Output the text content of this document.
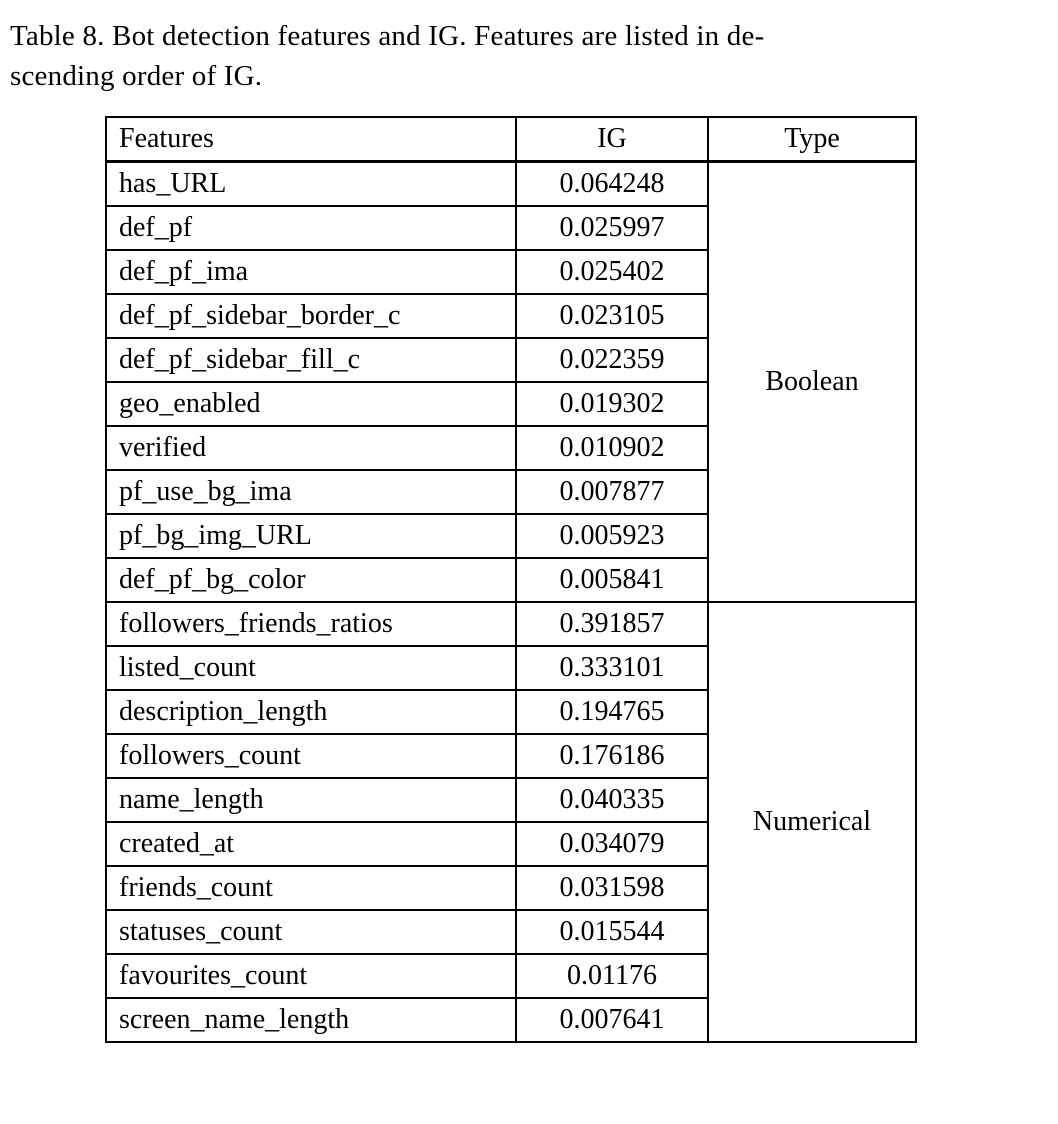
Table 8. Bot detection features and IG. Features are listed in de-
scending order of IG.
Features	IG	Type
has_URL	0.064248	Boolean
def_pf	0.025997	
def_pf_ima	0.025402	
def_pf_sidebar_border_c	0.023105	
def_pf_sidebar_fill_c	0.022359	
geo_enabled	0.019302	
verified	0.010902	
pf_use_bg_ima	0.007877	
pf_bg_img_URL	0.005923	
def_pf_bg_color	0.005841	
followers_friends_ratios	0.391857	Numerical
listed_count	0.333101	
description_length	0.194765	
followers_count	0.176186	
name_length	0.040335	
created_at	0.034079	
friends_count	0.031598	
statuses_count	0.015544	
favourites_count	0.01176	
screen_name_length	0.007641	
